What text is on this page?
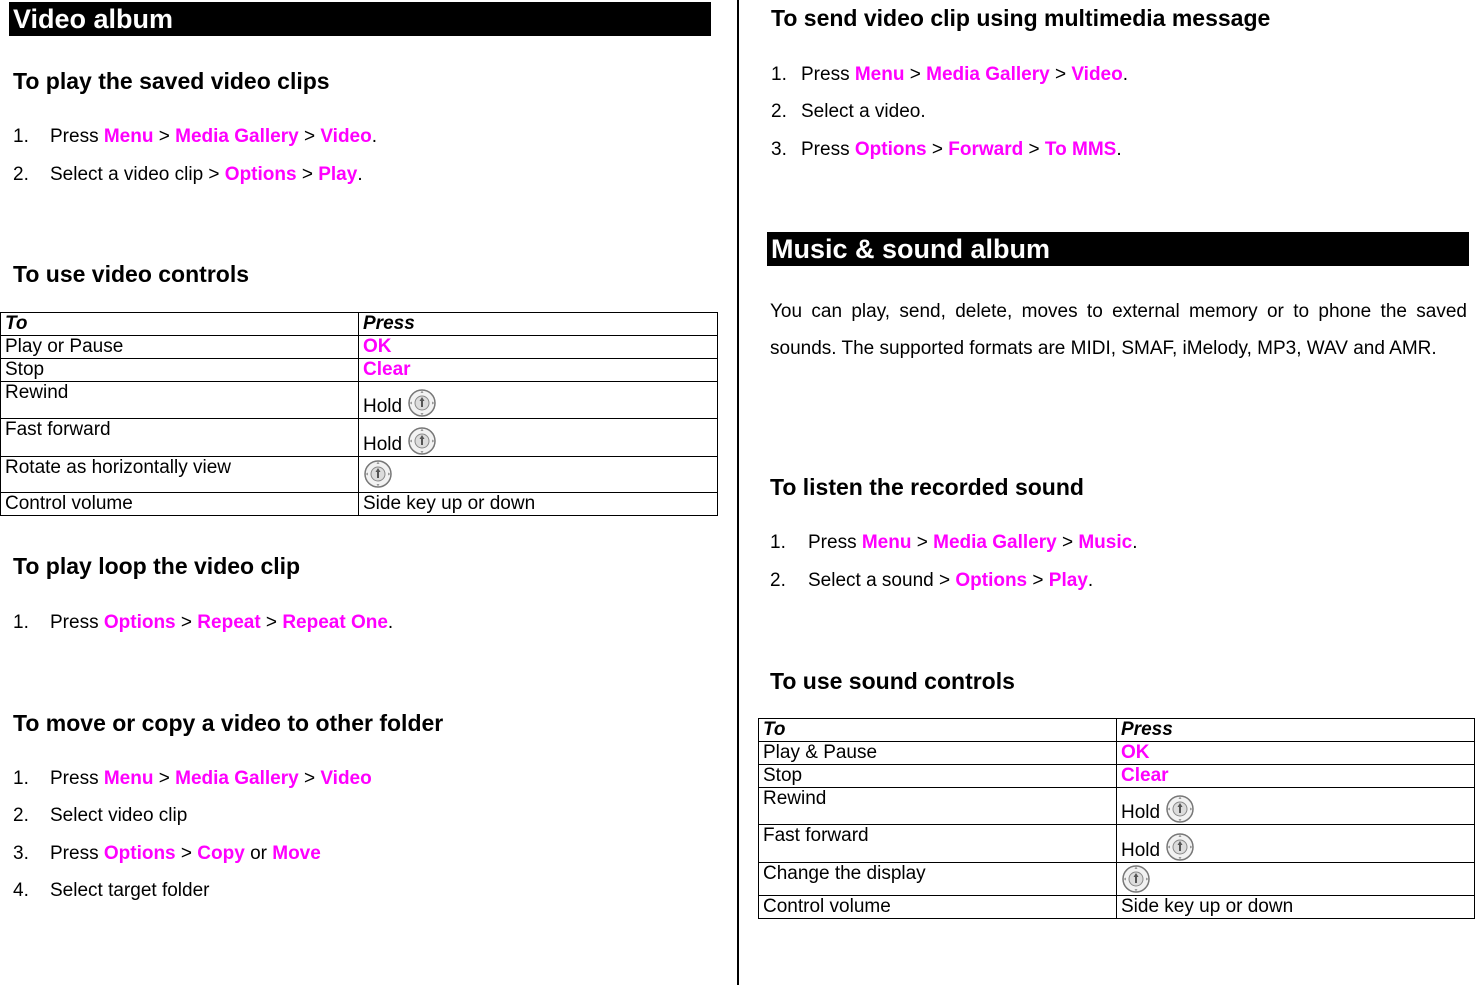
Video album
To play the saved video clips
1. Press Menu > Media Gallery > Video.
2. Select a video clip > Options > Play.
To use video controls
To	Press
Play or Pause	OK
Stop	Clear
Rewind	Hold
Fast forward	Hold
Rotate as horizontally view	
Control volume	Side key up or down
To play loop the video clip
1. Press Options > Repeat > Repeat One.
To move or copy a video to other folder
1. Press Menu > Media Gallery > Video
2. Select video clip
3. Press Options > Copy or Move
4. Select target folder
To send video clip using multimedia message
1. Press Menu > Media Gallery > Video.
2. Select a video.
3. Press Options > Forward > To MMS.
Music & sound album
You can play, send, delete, moves to external memory or to phone the saved sounds. The supported formats are MIDI, SMAF, iMelody, MP3, WAV and AMR.
To listen the recorded sound
1. Press Menu > Media Gallery > Music.
2. Select a sound > Options > Play.
To use sound controls
To	Press
Play & Pause	OK
Stop	Clear
Rewind	Hold
Fast forward	Hold
Change the display	
Control volume	Side key up or down
